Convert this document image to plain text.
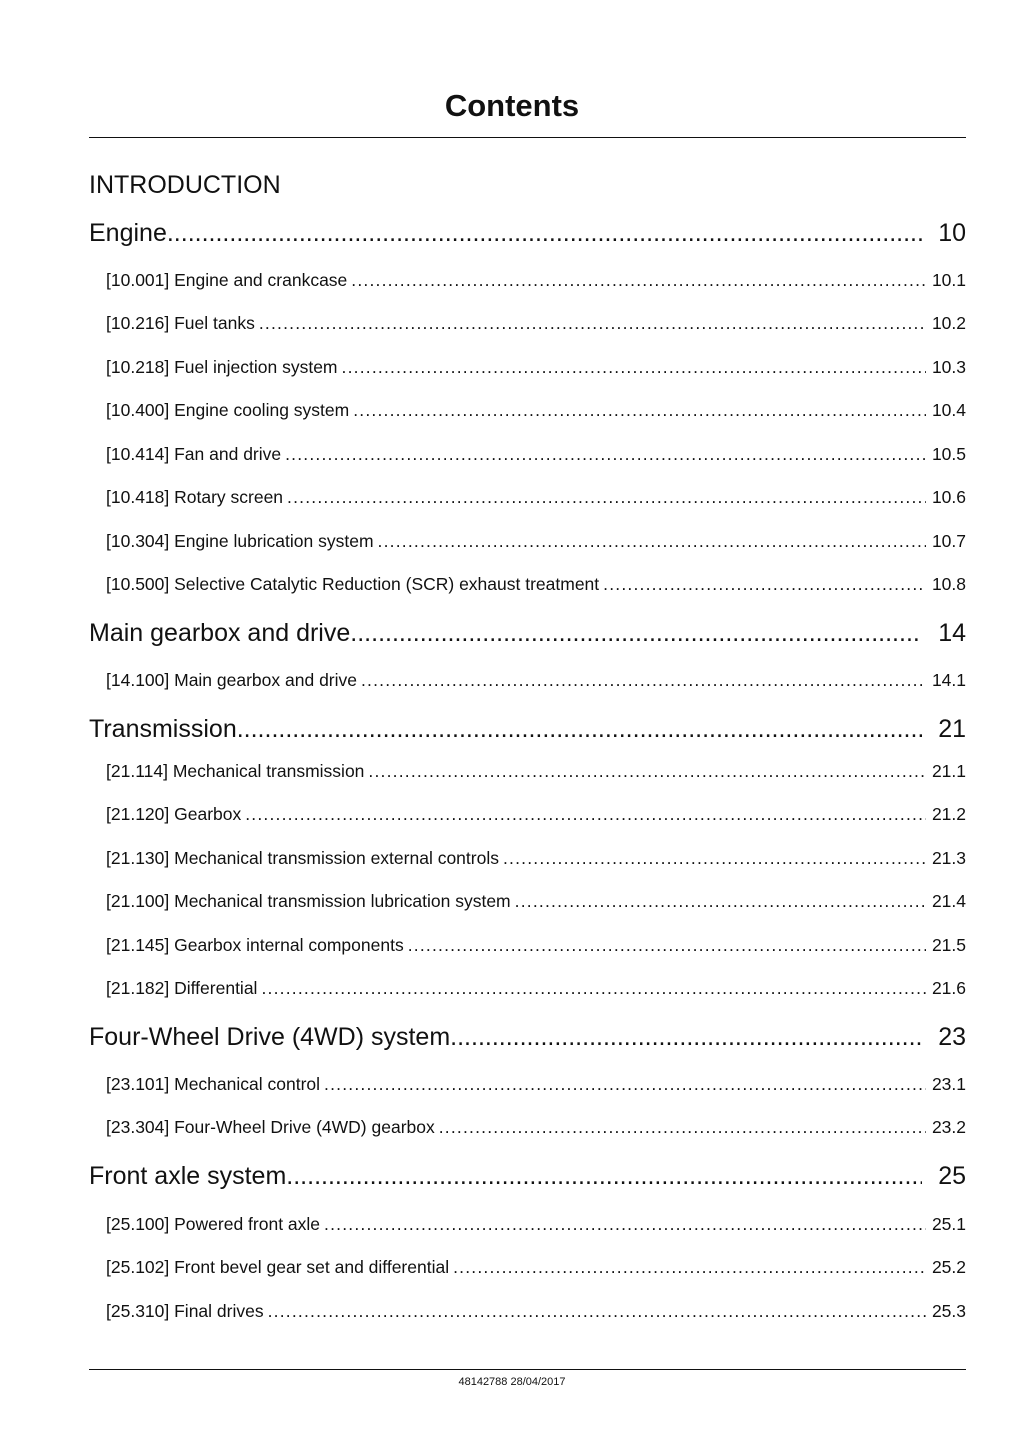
Contents

INTRODUCTION

Engine .....	10
[10.001] Engine and crankcase .....	10.1
[10.216] Fuel tanks .....	10.2
[10.218] Fuel injection system .....	10.3
[10.400] Engine cooling system .....	10.4
[10.414] Fan and drive .....	10.5
[10.418] Rotary screen .....	10.6
[10.304] Engine lubrication system .....	10.7
[10.500] Selective Catalytic Reduction (SCR) exhaust treatment .....	10.8
Main gearbox and drive .....	14
[14.100] Main gearbox and drive .....	14.1
Transmission .....	21
[21.114] Mechanical transmission .....	21.1
[21.120] Gearbox .....	21.2
[21.130] Mechanical transmission external controls .....	21.3
[21.100] Mechanical transmission lubrication system .....	21.4
[21.145] Gearbox internal components .....	21.5
[21.182] Differential .....	21.6
Four-Wheel Drive (4WD) system .....	23
[23.101] Mechanical control .....	23.1
[23.304] Four-Wheel Drive (4WD) gearbox .....	23.2
Front axle system .....	25
[25.100] Powered front axle .....	25.1
[25.102] Front bevel gear set and differential .....	25.2
[25.310] Final drives .....	25.3
48142788 28/04/2017
